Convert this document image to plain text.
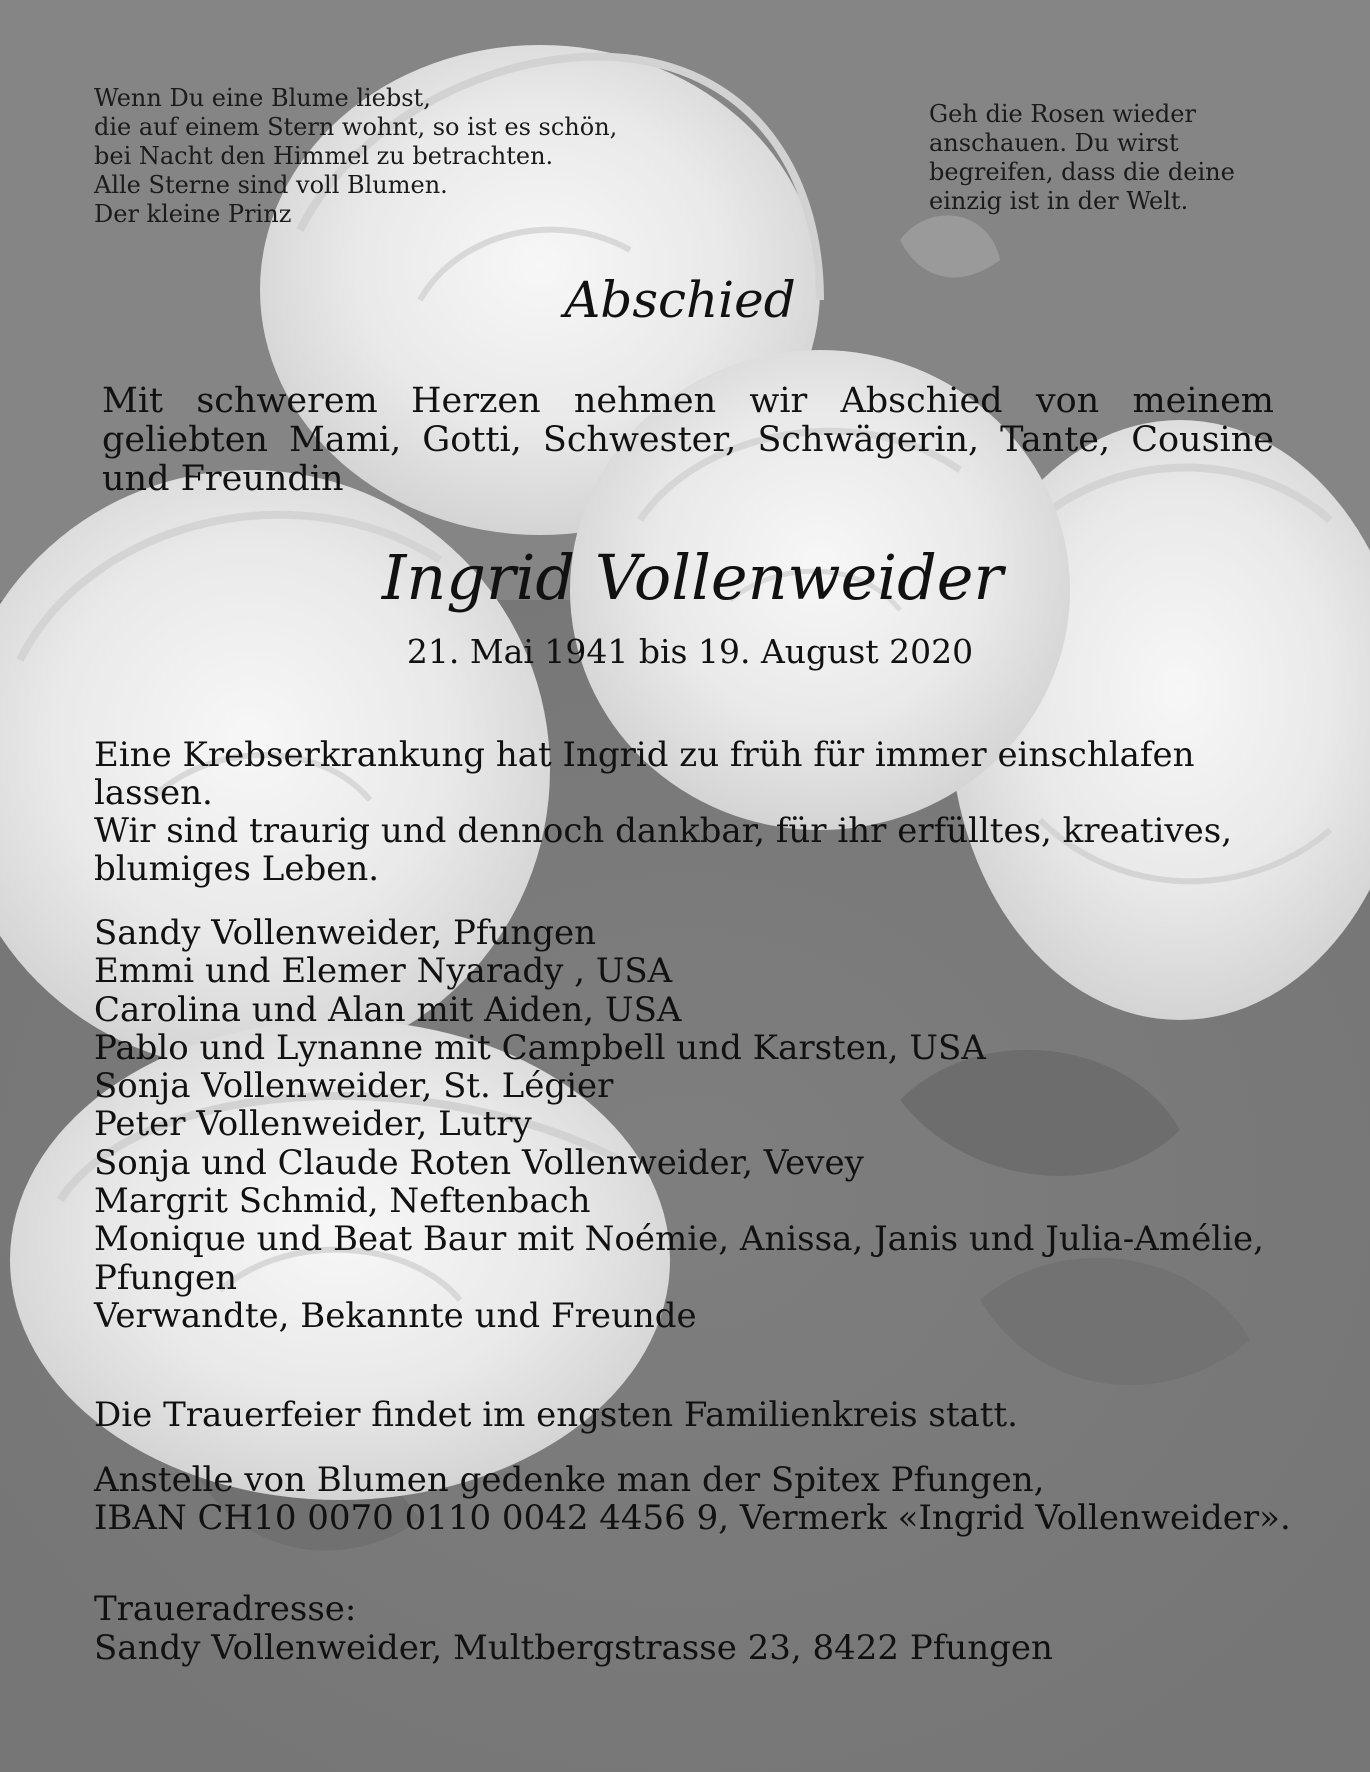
Wenn Du eine Blume liebst,
die auf einem Stern wohnt, so ist es schön,
bei Nacht den Himmel zu betrachten.
Alle Sterne sind voll Blumen.
Der kleine Prinz
Geh die Rosen wieder
anschauen. Du wirst
begreifen, dass die deine
einzig ist in der Welt.
Abschied
Mit schwerem Herzen nehmen wir Abschied von meinem geliebten Mami, Gotti, Schwester, Schwägerin, Tante, Cousine und Freundin
Ingrid Vollenweider
21. Mai 1941 bis 19. August 2020
Eine Krebserkrankung hat Ingrid zu früh für immer einschlafen lassen.
Wir sind traurig und dennoch dankbar, für ihr erfülltes, kreatives,
blumiges Leben.
Sandy Vollenweider, Pfungen
Emmi und Elemer Nyarady , USA
Carolina und Alan mit Aiden, USA
Pablo und Lynanne mit Campbell und Karsten, USA
Sonja Vollenweider, St. Légier
Peter Vollenweider, Lutry
Sonja und Claude Roten Vollenweider, Vevey
Margrit Schmid, Neftenbach
Monique und Beat Baur mit Noémie, Anissa, Janis und Julia-Amélie,
Pfungen
Verwandte, Bekannte und Freunde
Die Trauerfeier findet im engsten Familienkreis statt.
Anstelle von Blumen gedenke man der Spitex Pfungen,
IBAN CH10 0070 0110 0042 4456 9, Vermerk «Ingrid Vollenweider».
Traueradresse:
Sandy Vollenweider, Multbergstrasse 23, 8422 Pfungen
